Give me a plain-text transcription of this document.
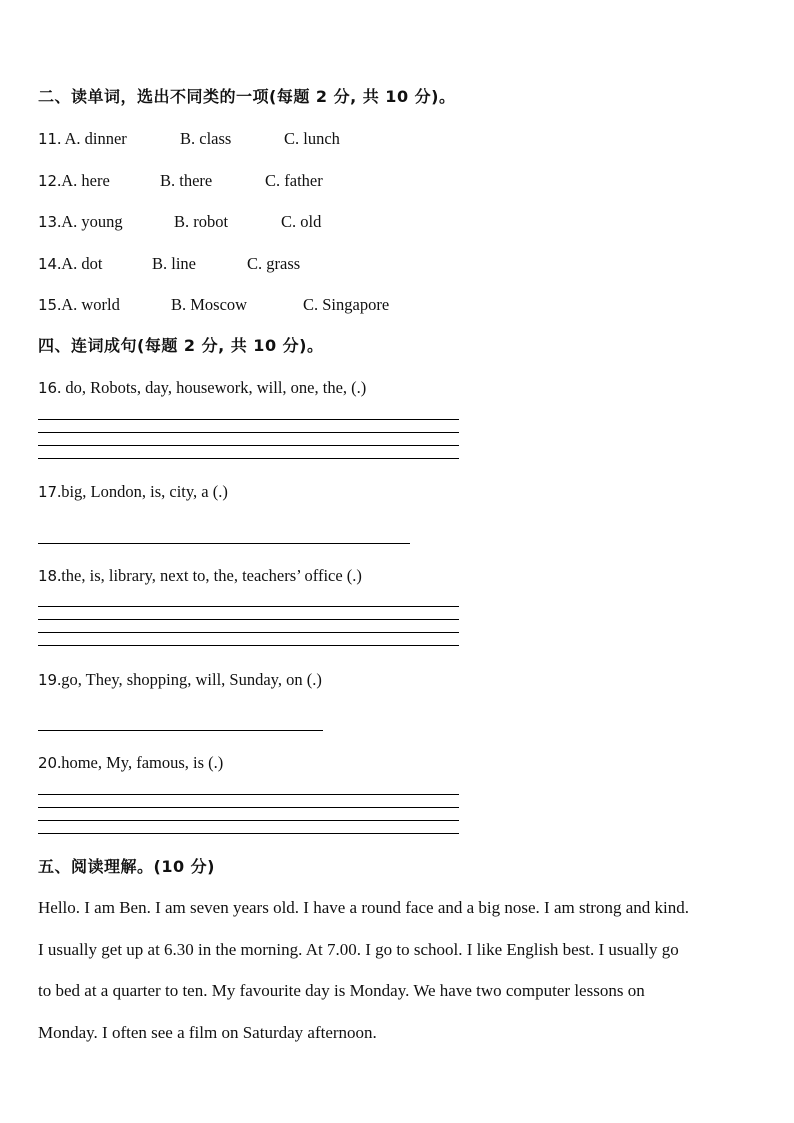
二、读单词，选出不同类的一项(每题 2 分, 共 10 分)。
11. A. dinner	B. class	C. lunch
12.A. here	B. there	C. father
13.A. young	B. robot	C. old
14.A. dot	B. line	C. grass
15.A. world	B. Moscow	C. Singapore
四、连词成句(每题 2 分, 共 10 分)。
16. do, Robots, day, housework, will, one, the, (.)
17.big, London, is, city, a (.)
18.the, is, library, next to, the, teachers’ office (.)
19.go, They, shopping, will, Sunday, on (.)
20.home, My, famous, is (.)
五、阅读理解。(10 分)
Hello. I am Ben. I am seven years old. I have a round face and a big nose. I am strong and kind.
I usually get up at 6.30 in the morning. At 7.00. I go to school. I like English best. I usually go
to bed at a quarter to ten. My favourite day is Monday. We have two computer lessons on
Monday. I often see a film on Saturday afternoon.
